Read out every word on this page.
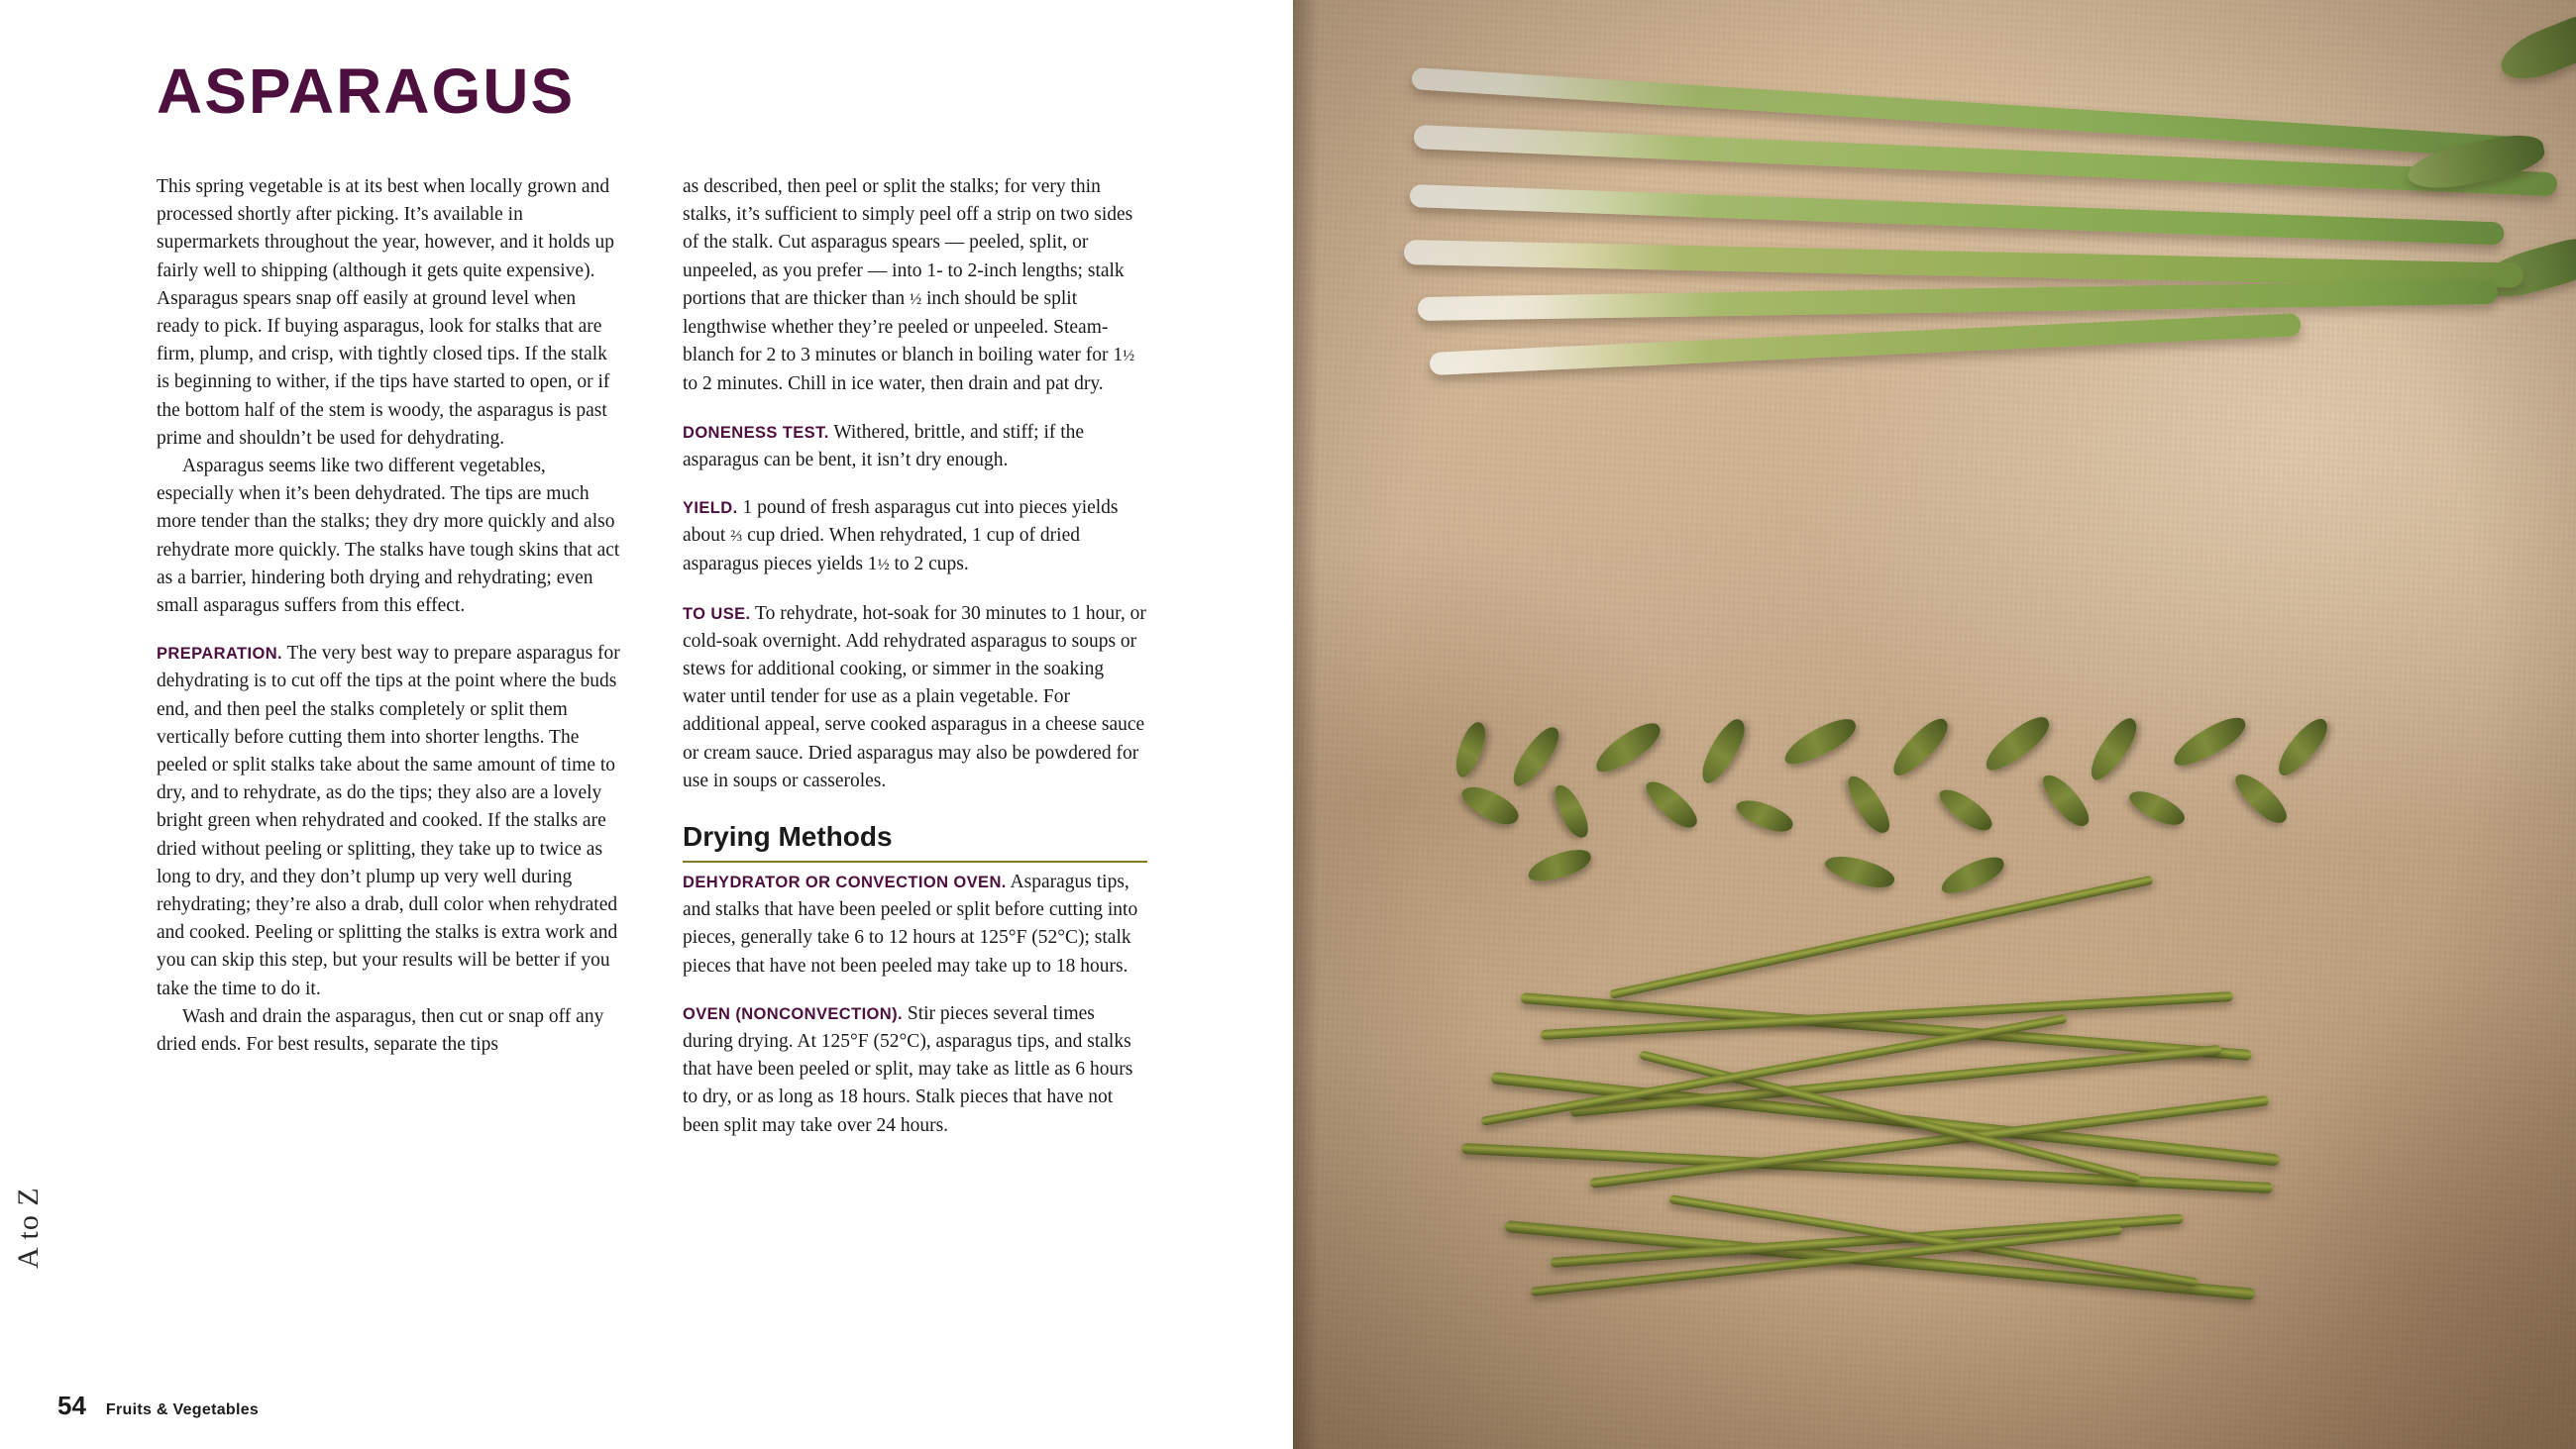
A to Z
ASPARAGUS

This spring vegetable is at its best when locally grown and processed shortly after picking. It’s available in supermarkets throughout the year, however, and it holds up fairly well to shipping (although it gets quite expensive). Asparagus spears snap off easily at ground level when ready to pick. If buying asparagus, look for stalks that are firm, plump, and crisp, with tightly closed tips. If the stalk is beginning to wither, if the tips have started to open, or if the bottom half of the stem is woody, the asparagus is past prime and shouldn’t be used for dehydrating.

Asparagus seems like two different vegetables, especially when it’s been dehydrated. The tips are much more tender than the stalks; they dry more quickly and also rehydrate more quickly. The stalks have tough skins that act as a barrier, hindering both drying and rehydrating; even small asparagus suffers from this effect.

PREPARATION. The very best way to prepare asparagus for dehydrating is to cut off the tips at the point where the buds end, and then peel the stalks completely or split them vertically before cutting them into shorter lengths. The peeled or split stalks take about the same amount of time to dry, and to rehydrate, as do the tips; they also are a lovely bright green when rehydrated and cooked. If the stalks are dried without peeling or splitting, they take up to twice as long to dry, and they don’t plump up very well during rehydrating; they’re also a drab, dull color when rehydrated and cooked. Peeling or splitting the stalks is extra work and you can skip this step, but your results will be better if you take the time to do it.

Wash and drain the asparagus, then cut or snap off any dried ends. For best results, separate the tips

as described, then peel or split the stalks; for very thin stalks, it’s sufficient to simply peel off a strip on two sides of the stalk. Cut asparagus spears — peeled, split, or unpeeled, as you prefer — into 1- to 2-inch lengths; stalk portions that are thicker than ½ inch should be split lengthwise whether they’re peeled or unpeeled. Steam-blanch for 2 to 3 minutes or blanch in boiling water for 1½ to 2 minutes. Chill in ice water, then drain and pat dry.

DONENESS TEST. Withered, brittle, and stiff; if the asparagus can be bent, it isn’t dry enough.

YIELD. 1 pound of fresh asparagus cut into pieces yields about ⅔ cup dried. When rehydrated, 1 cup of dried asparagus pieces yields 1½ to 2 cups.

TO USE. To rehydrate, hot-soak for 30 minutes to 1 hour, or cold-soak overnight. Add rehydrated asparagus to soups or stews for additional cooking, or simmer in the soaking water until tender for use as a plain vegetable. For additional appeal, serve cooked asparagus in a cheese sauce or cream sauce. Dried asparagus may also be powdered for use in soups or casseroles.

Drying Methods

DEHYDRATOR OR CONVECTION OVEN. Asparagus tips, and stalks that have been peeled or split before cutting into pieces, generally take 6 to 12 hours at 125°F (52°C); stalk pieces that have not been peeled may take up to 18 hours.

OVEN (NONCONVECTION). Stir pieces several times during drying. At 125°F (52°C), asparagus tips, and stalks that have been peeled or split, may take as little as 6 hours to dry, or as long as 18 hours. Stalk pieces that have not been split may take over 24 hours.

54 Fruits & Vegetables
